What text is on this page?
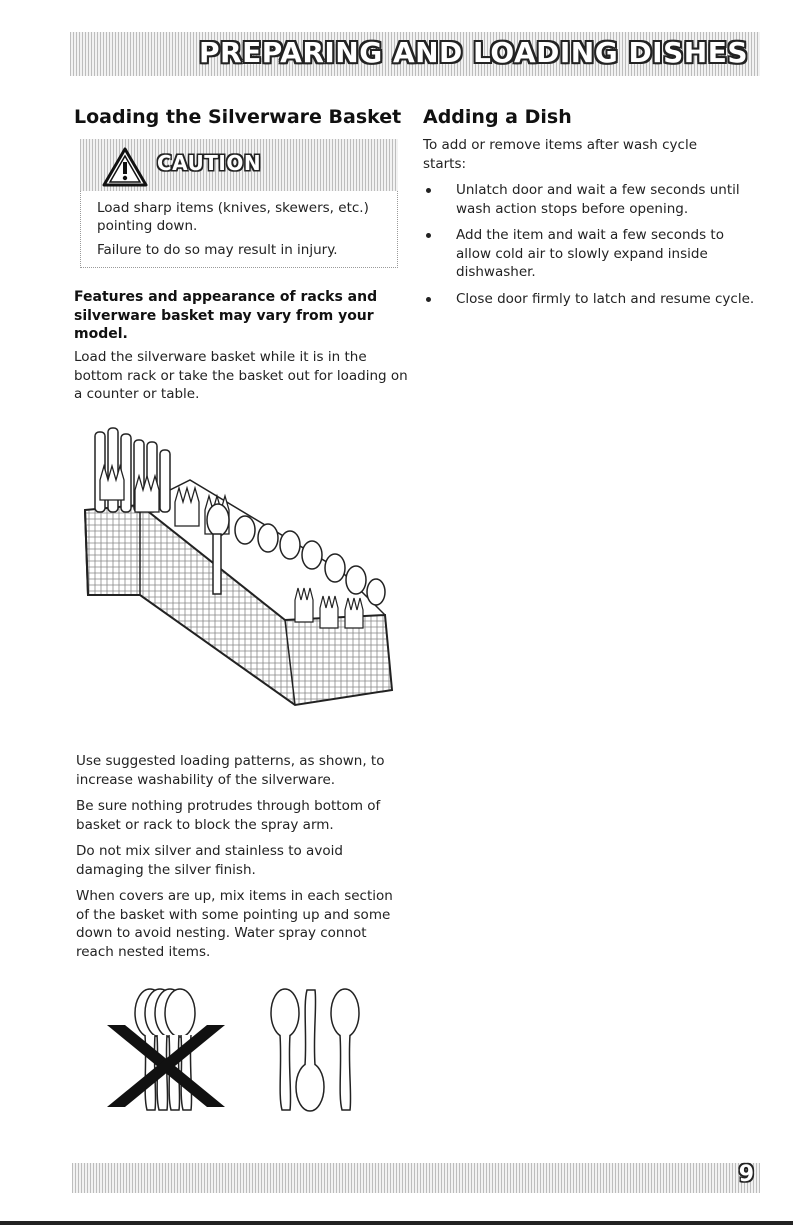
PREPARING AND LOADING DISHES
Loading the Silverware Basket
CAUTION
Load sharp items (knives, skewers, etc.) pointing down.
Failure to do so may result in injury.

Features and appearance of racks and silverware basket may vary from your model.

Load the silverware basket while it is in the bottom rack or take the basket out for loading on a counter or table.

Use suggested loading patterns, as shown, to increase washability of the silverware.

Be sure nothing protrudes through bottom of basket or rack to block the spray arm.

Do not mix silver and stainless to avoid damaging the silver finish.

When covers are up, mix items in each section of the basket with some pointing up and some down to avoid nesting. Water spray connot reach nested items.

Adding a Dish

To add or remove items after wash cycle starts:

Unlatch door and wait a few seconds until wash action stops before opening.
Add the item and wait a few seconds to allow cold air to slowly expand inside dishwasher.
Close door firmly to latch and resume cycle.
9
